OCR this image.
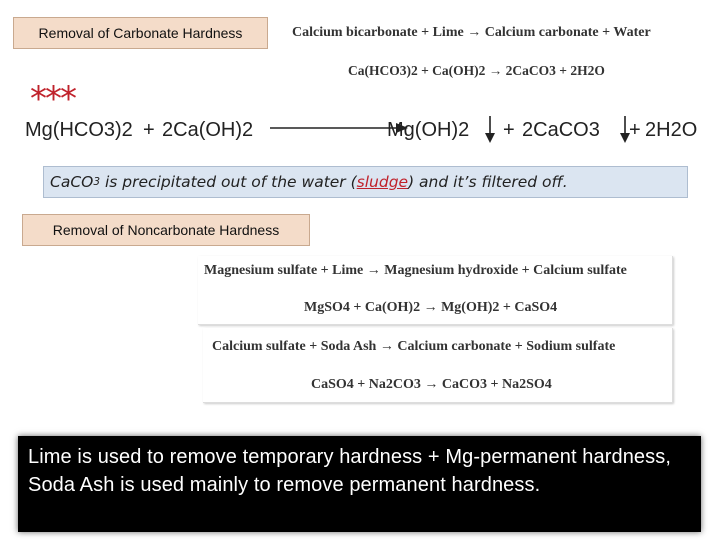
Removal of Carbonate Hardness	Calcium bicarbonate + Lime → Calcium carbonate + Water
Ca(HCO3)2 + Ca(OH)2 → 2CaCO3 + 2H2O
***
Mg(HCO3)2 + 2Ca(OH)2	Mg(OH)2 + 2CaCO3 + 2H2O
CaCO 3 is precipitated out of the water ( sludge ) and it’s filtered off.
Removal of Noncarbonate Hardness
Magnesium sulfate + Lime → Magnesium hydroxide + Calcium sulfate
MgSO4 + Ca(OH)2 → Mg(OH)2 + CaSO4
Calcium sulfate + Soda Ash → Calcium carbonate + Sodium sulfate
CaSO4 + Na2CO3 → CaCO3 + Na2SO4
Lime is used to remove temporary hardness + Mg-permanent hardness, Soda Ash is used mainly to remove permanent hardness.
